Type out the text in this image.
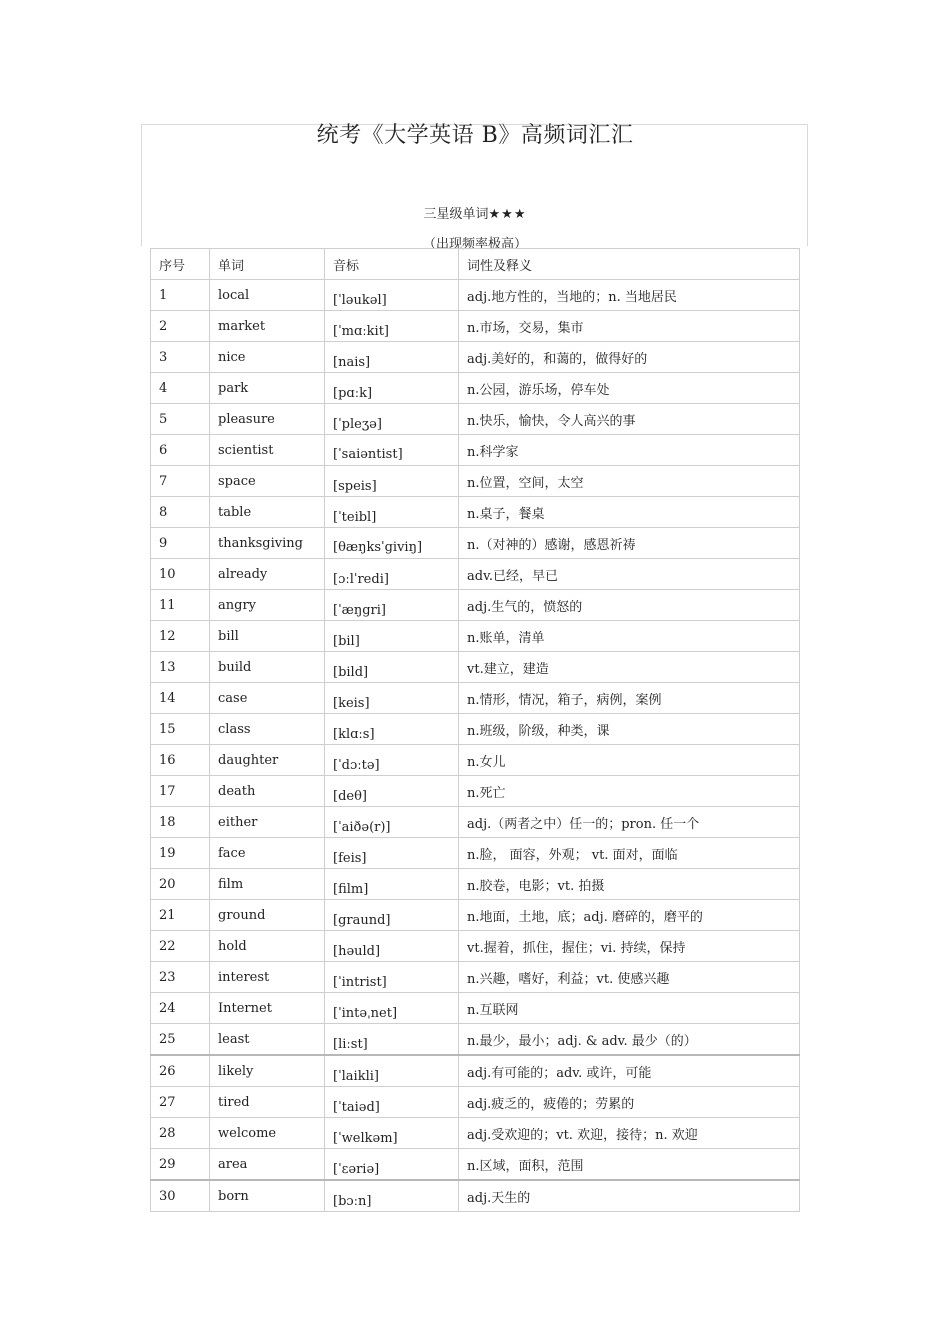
统考《大学英语 B》高频词汇汇
三星级单词★★★
（出现频率极高）
序号	单词	音标	词性及释义
1	local	[ˈləukəl]	adj.地方性的，当地的；n. 当地居民
2	market	[ˈmɑːkit]	n.市场，交易，集市
3	nice	[nais]	adj.美好的，和蔼的，做得好的
4	park	[pɑːk]	n.公园，游乐场，停车处
5	pleasure	[ˈpleʒə]	n.快乐，愉快，令人高兴的事
6	scientist	[ˈsaiəntist]	n.科学家
7	space	[speis]	n.位置，空间，太空
8	table	[ˈteibl]	n.桌子，餐桌
9	thanksgiving	[θæŋksˈgiviŋ]	n.（对神的）感谢，感恩祈祷
10	already	[ɔːlˈredi]	adv.已经，早已
11	angry	[ˈæŋgri]	adj.生气的，愤怒的
12	bill	[bil]	n.账单，清单
13	build	[bild]	vt.建立，建造
14	case	[keis]	n.情形，情况，箱子，病例，案例
15	class	[klɑːs]	n.班级，阶级，种类，课
16	daughter	[ˈdɔːtə]	n.女儿
17	death	[deθ]	n.死亡
18	either	[ˈaiðə(r)]	adj.（两者之中）任一的；pron. 任一个
19	face	[feis]	n.脸， 面容，外观； vt. 面对，面临
20	film	[film]	n.胶卷，电影；vt. 拍摄
21	ground	[graund]	n.地面，土地，底；adj. 磨碎的，磨平的
22	hold	[həuld]	vt.握着，抓住，握住；vi. 持续，保持
23	interest	[ˈintrist]	n.兴趣，嗜好，利益；vt. 使感兴趣
24	Internet	[ˈintəˌnet]	n.互联网
25	least	[liːst]	n.最少，最小；adj. & adv. 最少（的）
26	likely	[ˈlaikli]	adj.有可能的；adv. 或许，可能
27	tired	[ˈtaiəd]	adj.疲乏的，疲倦的；劳累的
28	welcome	[ˈwelkəm]	adj.受欢迎的；vt. 欢迎，接待；n. 欢迎
29	area	[ˈεəriə]	n.区域，面积，范围
30	born	[bɔːn]	adj.天生的
